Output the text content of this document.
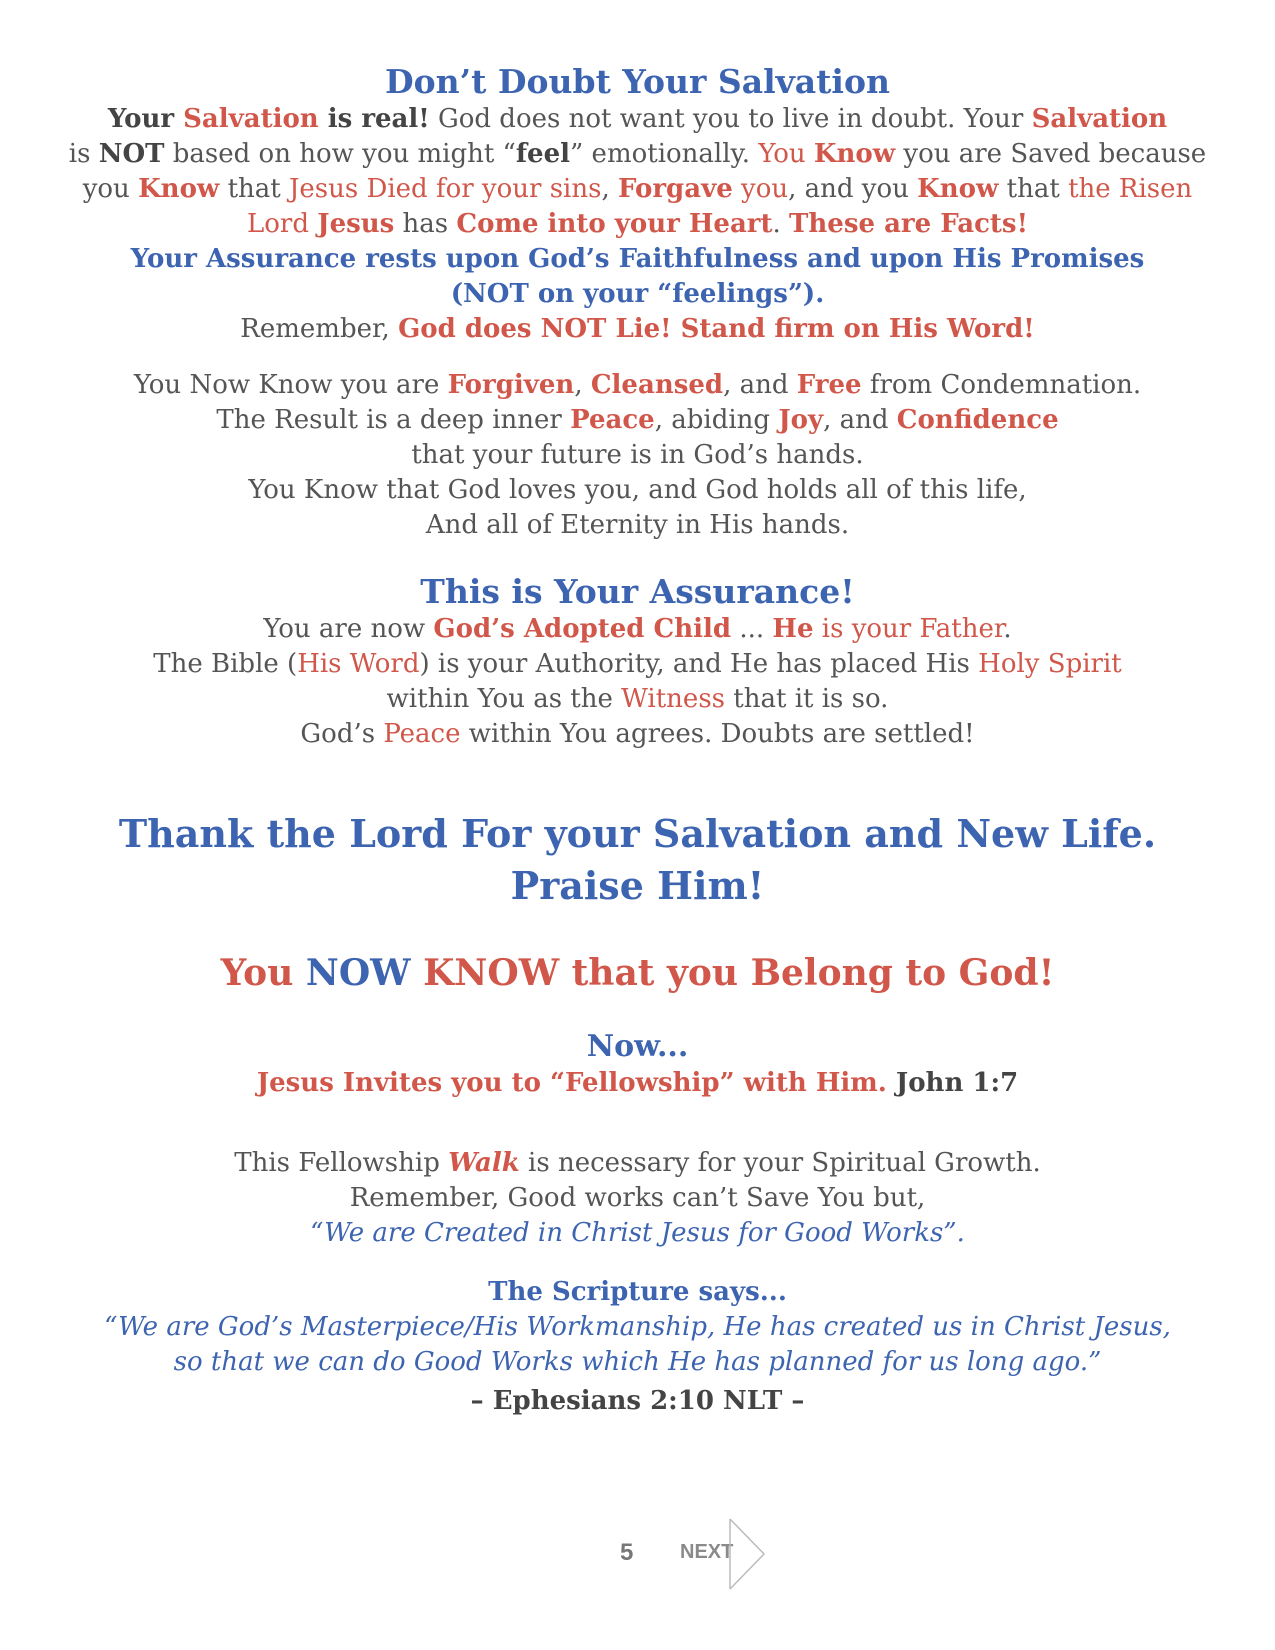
Don’t Doubt Your Salvation
Your Salvation is real! God does not want you to live in doubt. Your Salvation
is NOT based on how you might “feel” emotionally. You Know you are Saved because
you Know that Jesus Died for your sins, Forgave you, and you Know that the Risen
Lord Jesus has Come into your Heart. These are Facts!
Your Assurance rests upon God’s Faithfulness and upon His Promises
(NOT on your “feelings”).
Remember, God does NOT Lie! Stand firm on His Word!
You Now Know you are Forgiven, Cleansed, and Free from Condemnation.
The Result is a deep inner Peace, abiding Joy, and Confidence
that your future is in God’s hands.
You Know that God loves you, and God holds all of this life,
And all of Eternity in His hands.
This is Your Assurance!
You are now God’s Adopted Child ... He is your Father.
The Bible (His Word) is your Authority, and He has placed His Holy Spirit
within You as the Witness that it is so.
God’s Peace within You agrees. Doubts are settled!
Thank the Lord For your Salvation and New Life.
Praise Him!
You NOW KNOW that you Belong to God!
Now...
Jesus Invites you to “Fellowship” with Him. John 1:7
This Fellowship Walk is necessary for your Spiritual Growth.
Remember, Good works can’t Save You but,
“We are Created in Christ Jesus for Good Works”.
The Scripture says...
“We are God’s Masterpiece/His Workmanship, He has created us in Christ Jesus,
so that we can do Good Works which He has planned for us long ago.”
– Ephesians 2:10 NLT –
5 NEXT
